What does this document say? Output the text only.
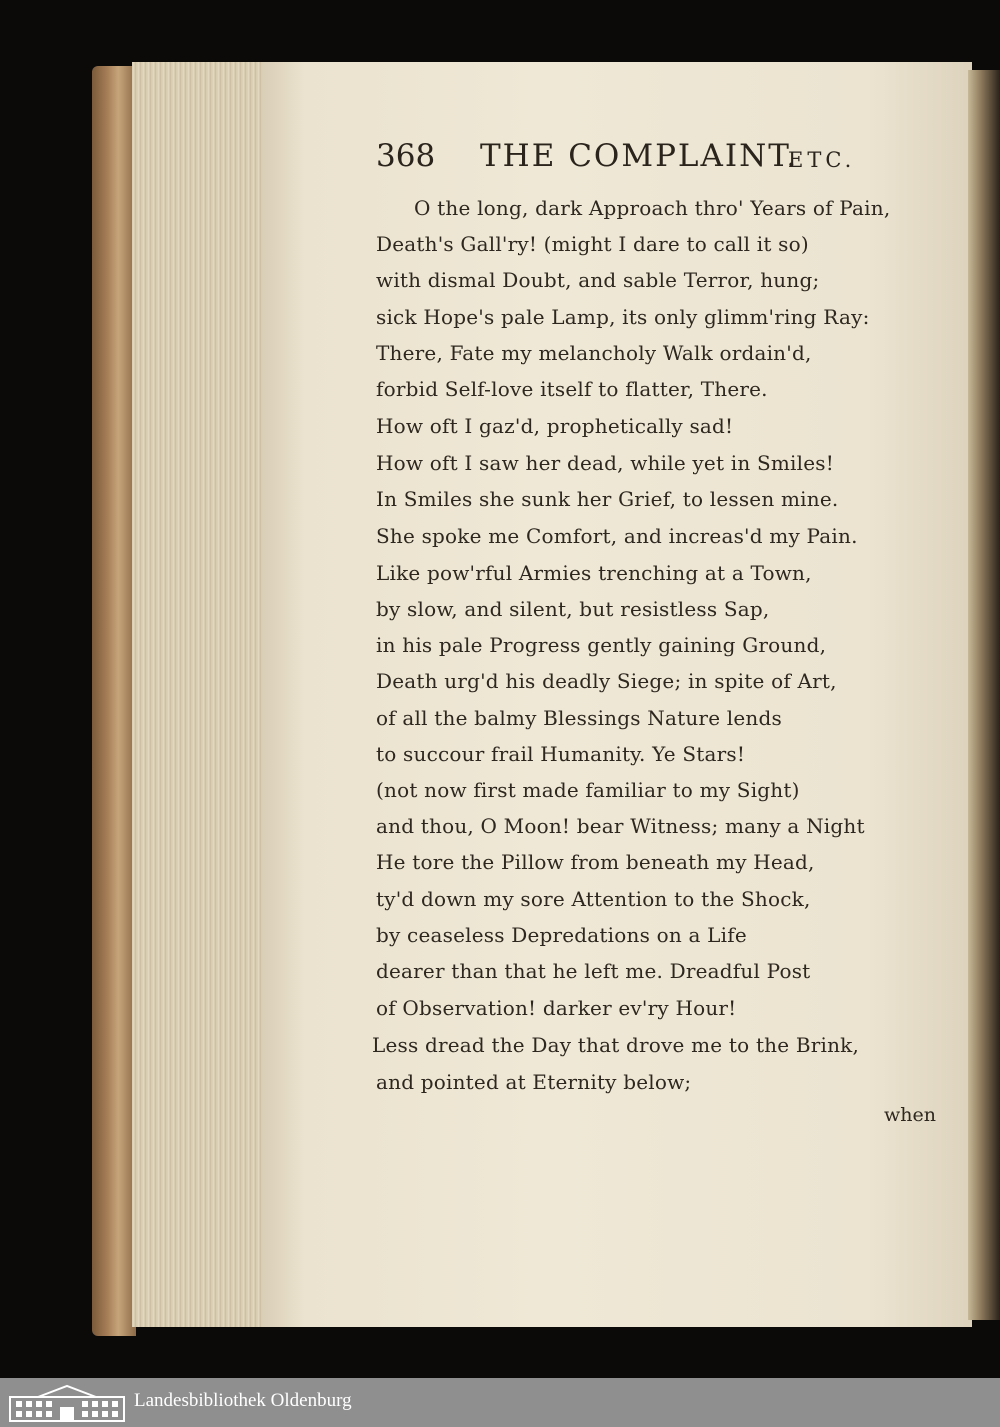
368 THE COMPLAINT.
ETC.
O the long, dark Approach thro' Years of Pain,
Death's Gall'ry! (might I dare to call it so)
with dismal Doubt, and sable Terror, hung;
sick Hope's pale Lamp, its only glimm'ring Ray:
There, Fate my melancholy Walk ordain'd,
forbid Self-love itself to flatter, There.
How oft I gaz'd, prophetically sad!
How oft I saw her dead, while yet in Smiles!
In Smiles she sunk her Grief, to lessen mine.
She spoke me Comfort, and increas'd my Pain.
Like pow'rful Armies trenching at a Town,
by slow, and silent, but resistless Sap,
in his pale Progress gently gaining Ground,
Death urg'd his deadly Siege; in spite of Art,
of all the balmy Blessings Nature lends
to succour frail Humanity. Ye Stars!
(not now first made familiar to my Sight)
and thou, O Moon! bear Witness; many a Night
He tore the Pillow from beneath my Head,
ty'd down my sore Attention to the Shock,
by ceaseless Depredations on a Life
dearer than that he left me. Dreadful Post
of Observation! darker ev'ry Hour!
Less dread the Day that drove me to the Brink,
and pointed at Eternity below;
when
Landesbibliothek Oldenburg
